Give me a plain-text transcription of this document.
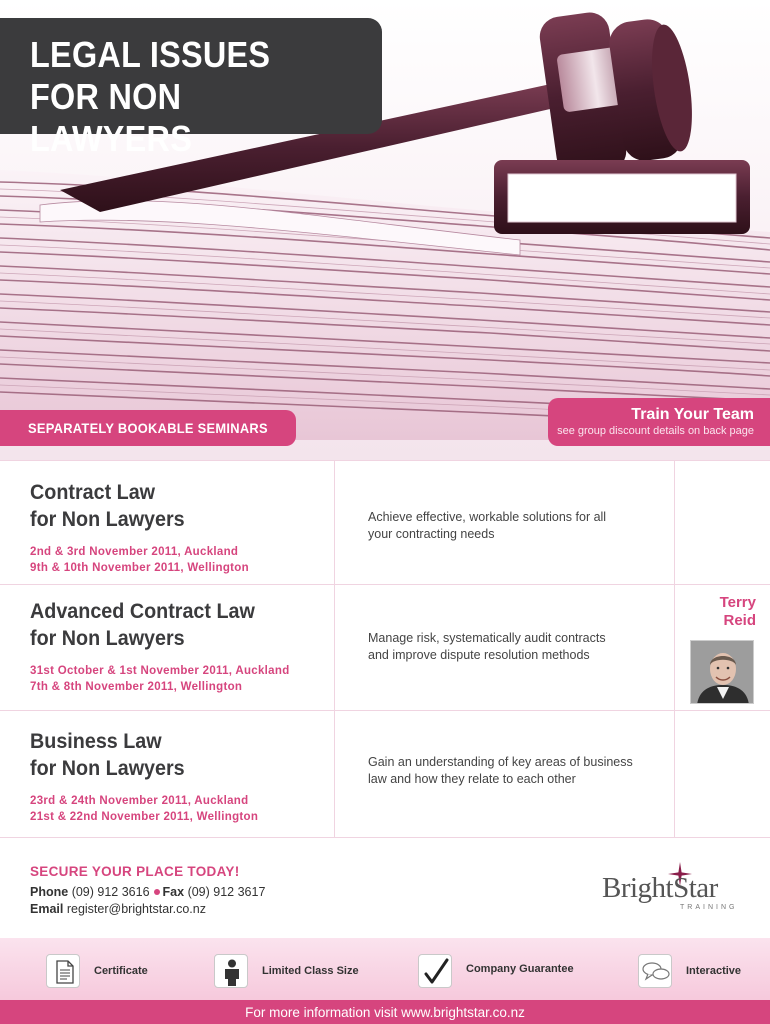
LEGAL ISSUES
FOR NON LAWYERS
SEPARATELY BOOKABLE SEMINARS
Train Your Team
see group discount details on back page
Contract Law
for Non Lawyers
2nd & 3rd November 2011, Auckland
9th & 10th November 2011, Wellington
Achieve effective, workable solutions for all
your contracting needs
Advanced Contract Law
for Non Lawyers
31st October & 1st November 2011, Auckland
7th & 8th November 2011, Wellington
Manage risk, systematically audit contracts
and improve dispute resolution methods
Business Law
for Non Lawyers
23rd & 24th November 2011, Auckland
21st & 22nd November 2011, Wellington
Gain an understanding of key areas of business
law and how they relate to each other
Terry
Reid
SECURE YOUR PLACE TODAY!
Phone (09) 912 3616 Fax (09) 912 3617
Email register@brightstar.co.nz
BrightStar
TRAINING
Certificate	Limited Class Size	Company Guarantee	Interactive
For more information visit www.brightstar.co.nz
